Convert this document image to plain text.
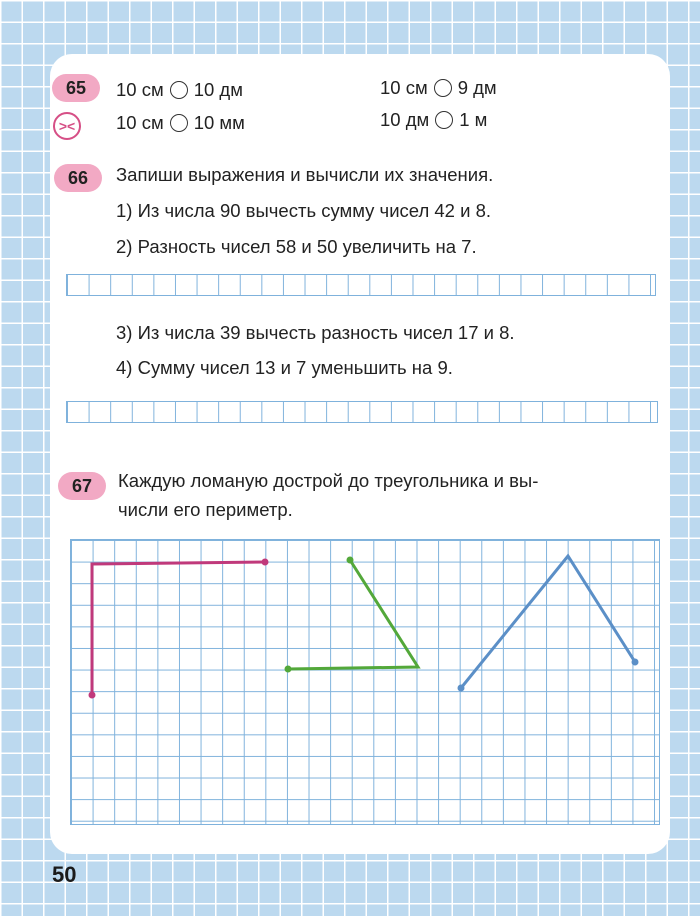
65
><
10 см 10 дм	10 см 9 дм
10 см 10 мм	10 дм 1 м
66	Запиши выражения и вычисли их значения.
1) Из числа 90 вычесть сумму чисел 42 и 8.
2) Разность чисел 58 и 50 увеличить на 7.
3) Из числа 39 вычесть разность чисел 17 и 8.
4) Сумму чисел 13 и 7 уменьшить на 9.
67	Каждую ломаную дострой до треугольника и вы-
числи его периметр.
50
